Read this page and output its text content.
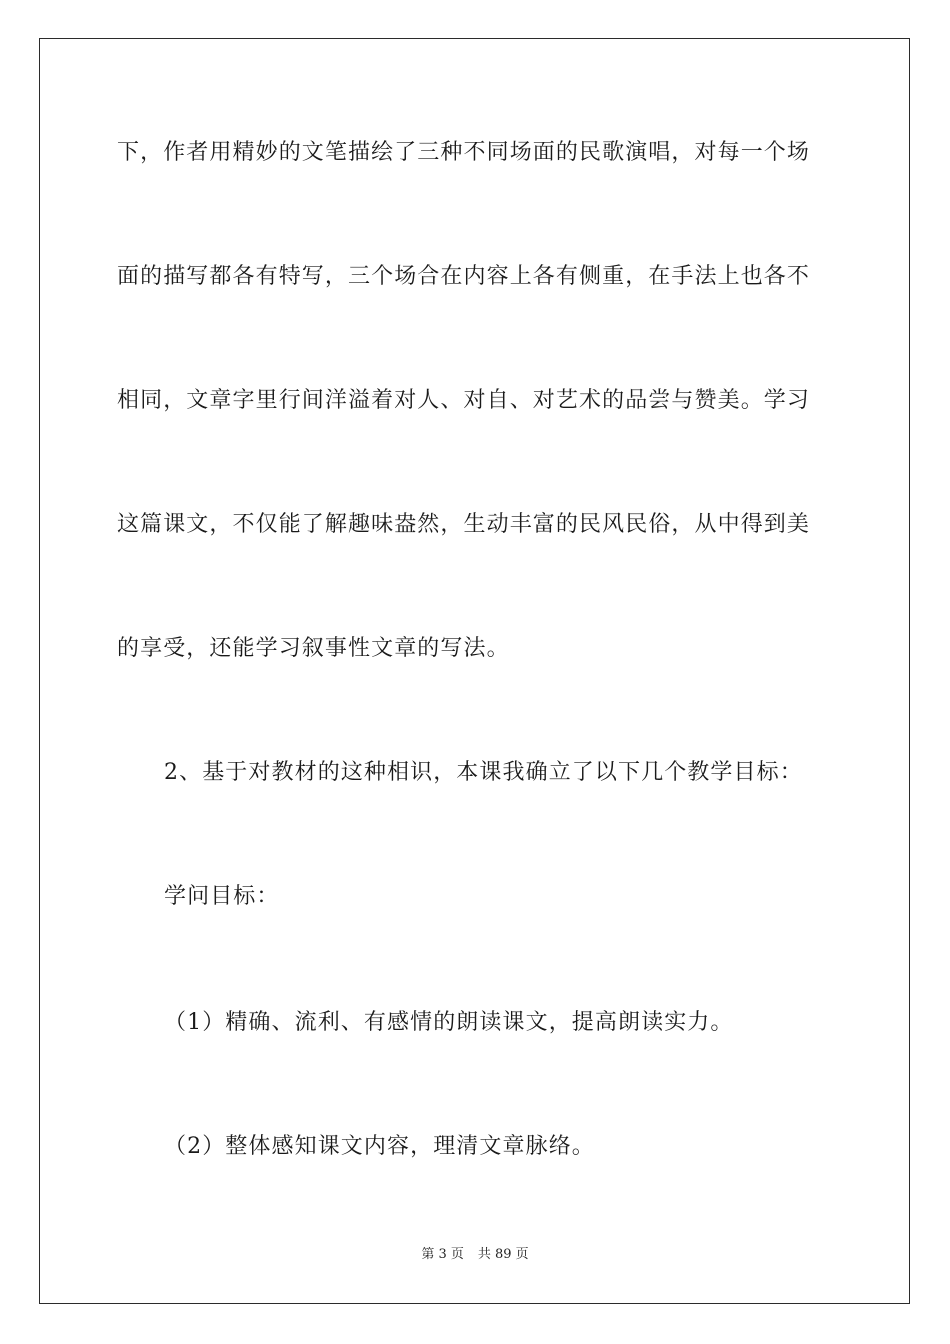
下，作者用精妙的文笔描绘了三种不同场面的民歌演唱，对每一个场
面的描写都各有特写，三个场合在内容上各有侧重，在手法上也各不
相同，文章字里行间洋溢着对人、对自、对艺术的品尝与赞美。学习
这篇课文，不仅能了解趣味盎然，生动丰富的民风民俗，从中得到美
的享受，还能学习叙事性文章的写法。
2、基于对教材的这种相识，本课我确立了以下几个教学目标：
学问目标：
（1）精确、流利、有感情的朗读课文，提高朗读实力。
（2）整体感知课文内容，理清文章脉络。
第 3 页 共 89 页
